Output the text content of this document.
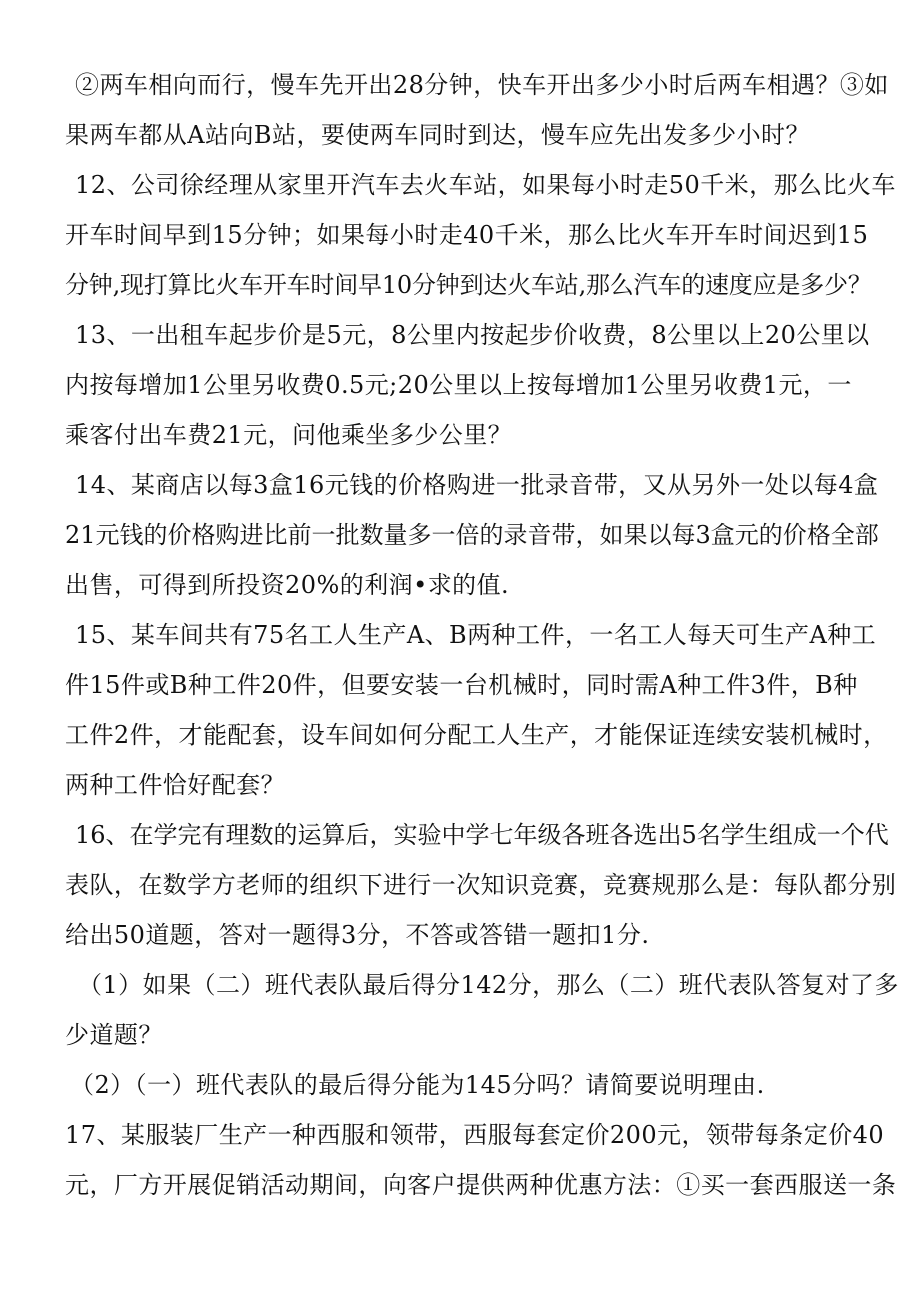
②两车相向而行，慢车先开出28分钟，快车开出多少小时后两车相遇？③如
果两车都从A站向B站，要使两车同时到达，慢车应先出发多少小时？
12、公司徐经理从家里开汽车去火车站，如果每小时走50千米，那么比火车
开车时间早到15分钟；如果每小时走40千米，那么比火车开车时间迟到15
分钟,现打算比火车开车时间早10分钟到达火车站,那么汽车的速度应是多少？
13、一出租车起步价是5元，8公里内按起步价收费，8公里以上20公里以
内按每增加1公里另收费0.5元;20公里以上按每增加1公里另收费1元，一
乘客付出车费21元，问他乘坐多少公里？
14、某商店以每3盒16元钱的价格购进一批录音带，又从另外一处以每4盒
21元钱的价格购进比前一批数量多一倍的录音带，如果以每3盒元的价格全部
出售，可得到所投资20%的利润•求的值.
15、某车间共有75名工人生产A、B两种工件，一名工人每天可生产A种工
件15件或B种工件20件，但要安装一台机械时，同时需A种工件3件，B种
工件2件，才能配套，设车间如何分配工人生产，才能保证连续安装机械时，
两种工件恰好配套？
16、在学完有理数的运算后，实验中学七年级各班各选出5名学生组成一个代
表队，在数学方老师的组织下进行一次知识竞赛，竞赛规那么是：每队都分别
给出50道题，答对一题得3分，不答或答错一题扣1分.
（1）如果（二）班代表队最后得分142分，那么（二）班代表队答复对了多
少道题？
（2）（一）班代表队的最后得分能为145分吗？请简要说明理由.
17、某服装厂生产一种西服和领带，西服每套定价200元，领带每条定价40
元，厂方开展促销活动期间，向客户提供两种优惠方法：①买一套西服送一条
